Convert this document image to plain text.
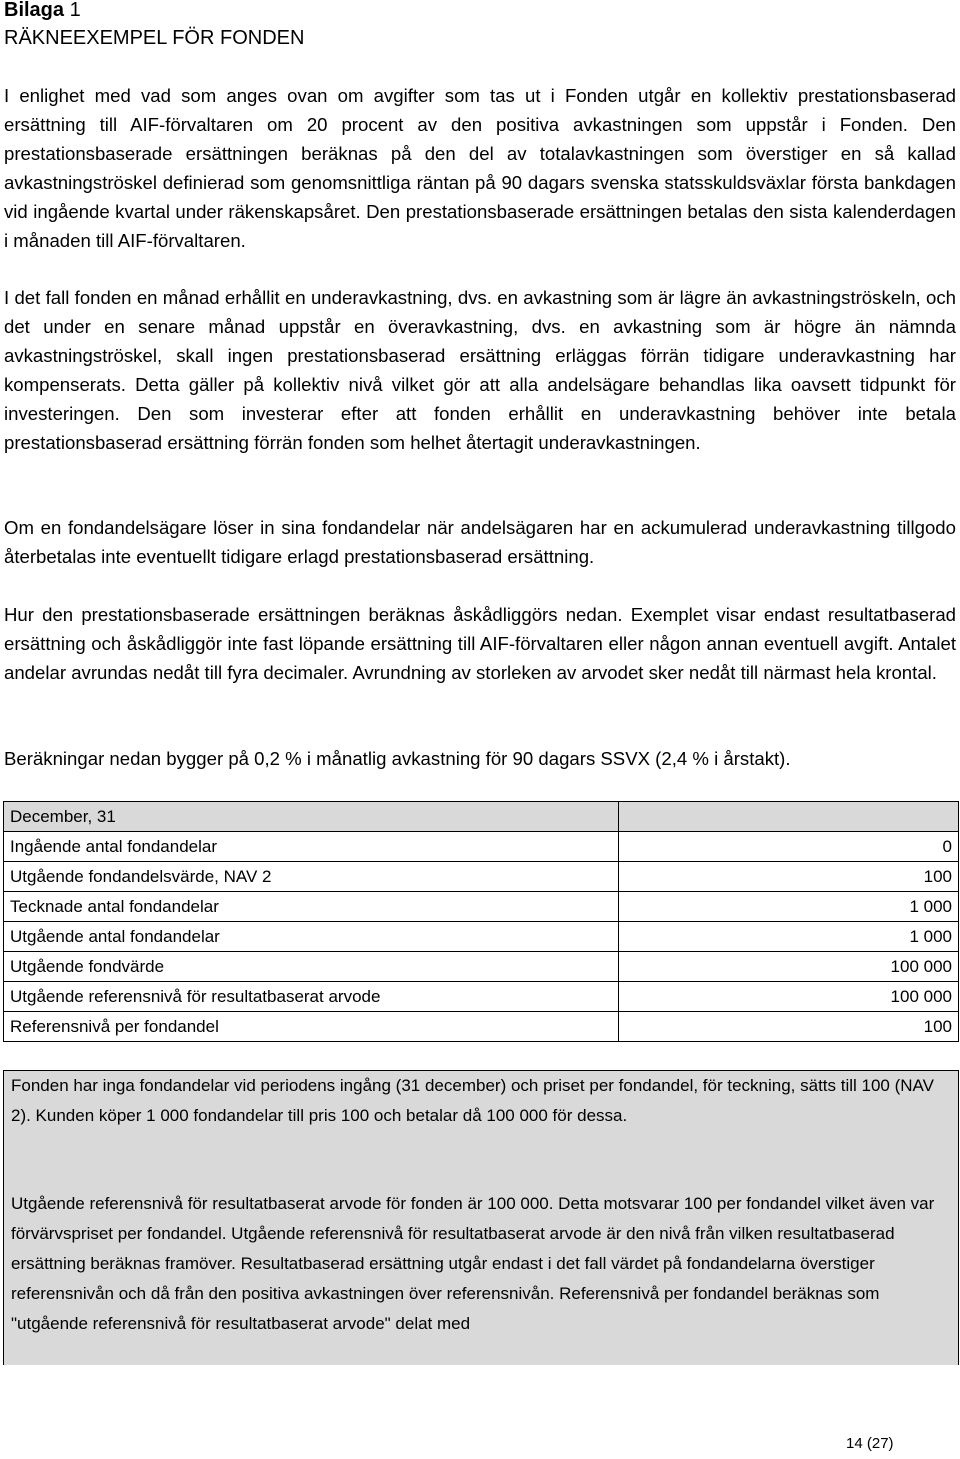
Bilaga 1
RÄKNEEXEMPEL FÖR FONDEN

I enlighet med vad som anges ovan om avgifter som tas ut i Fonden utgår en kollektiv prestationsbaserad ersättning till AIF-förvaltaren om 20 procent av den positiva avkastningen som uppstår i Fonden. Den prestationsbaserade ersättningen beräknas på den del av totalavkastningen som överstiger en så kallad avkastningströskel definierad som genomsnittliga räntan på 90 dagars svenska statsskuldsväxlar första bankdagen vid ingående kvartal under räkenskapsåret. Den prestationsbaserade ersättningen betalas den sista kalenderdagen i månaden till AIF-förvaltaren.

I det fall fonden en månad erhållit en underavkastning, dvs. en avkastning som är lägre än avkastningströskeln, och det under en senare månad uppstår en överavkastning, dvs. en avkastning som är högre än nämnda avkastningströskel, skall ingen prestationsbaserad ersättning erläggas förrän tidigare underavkastning har kompenserats. Detta gäller på kollektiv nivå vilket gör att alla andelsägare behandlas lika oavsett tidpunkt för investeringen. Den som investerar efter att fonden erhållit en underavkastning behöver inte betala prestationsbaserad ersättning förrän fonden som helhet återtagit underavkastningen.

Om en fondandelsägare löser in sina fondandelar när andelsägaren har en ackumulerad underavkastning tillgodo återbetalas inte eventuellt tidigare erlagd prestationsbaserad ersättning.

Hur den prestationsbaserade ersättningen beräknas åskådliggörs nedan. Exemplet visar endast resultatbaserad ersättning och åskådliggör inte fast löpande ersättning till AIF-förvaltaren eller någon annan eventuell avgift. Antalet andelar avrundas nedåt till fyra decimaler. Avrundning av storleken av arvodet sker nedåt till närmast hela krontal.

Beräkningar nedan bygger på 0,2 % i månatlig avkastning för 90 dagars SSVX (2,4 % i årstakt).

December, 31	
Ingående antal fondandelar	0
Utgående fondandelsvärde, NAV 2	100
Tecknade antal fondandelar	1 000
Utgående antal fondandelar	1 000
Utgående fondvärde	100 000
Utgående referensnivå för resultatbaserat arvode	100 000
Referensnivå per fondandel	100

Fonden har inga fondandelar vid periodens ingång (31 december) och priset per fondandel, för teckning, sätts till 100 (NAV 2). Kunden köper 1 000 fondandelar till pris 100 och betalar då 100 000 för dessa.

Utgående referensnivå för resultatbaserat arvode för fonden är 100 000. Detta motsvarar 100 per fondandel vilket även var förvärvspriset per fondandel. Utgående referensnivå för resultatbaserat arvode är den nivå från vilken resultatbaserad ersättning beräknas framöver. Resultatbaserad ersättning utgår endast i det fall värdet på fondandelarna överstiger referensnivån och då från den positiva avkastningen över referensnivån. Referensnivå per fondandel beräknas som "utgående referensnivå för resultatbaserat arvode" delat med

14 (27)
